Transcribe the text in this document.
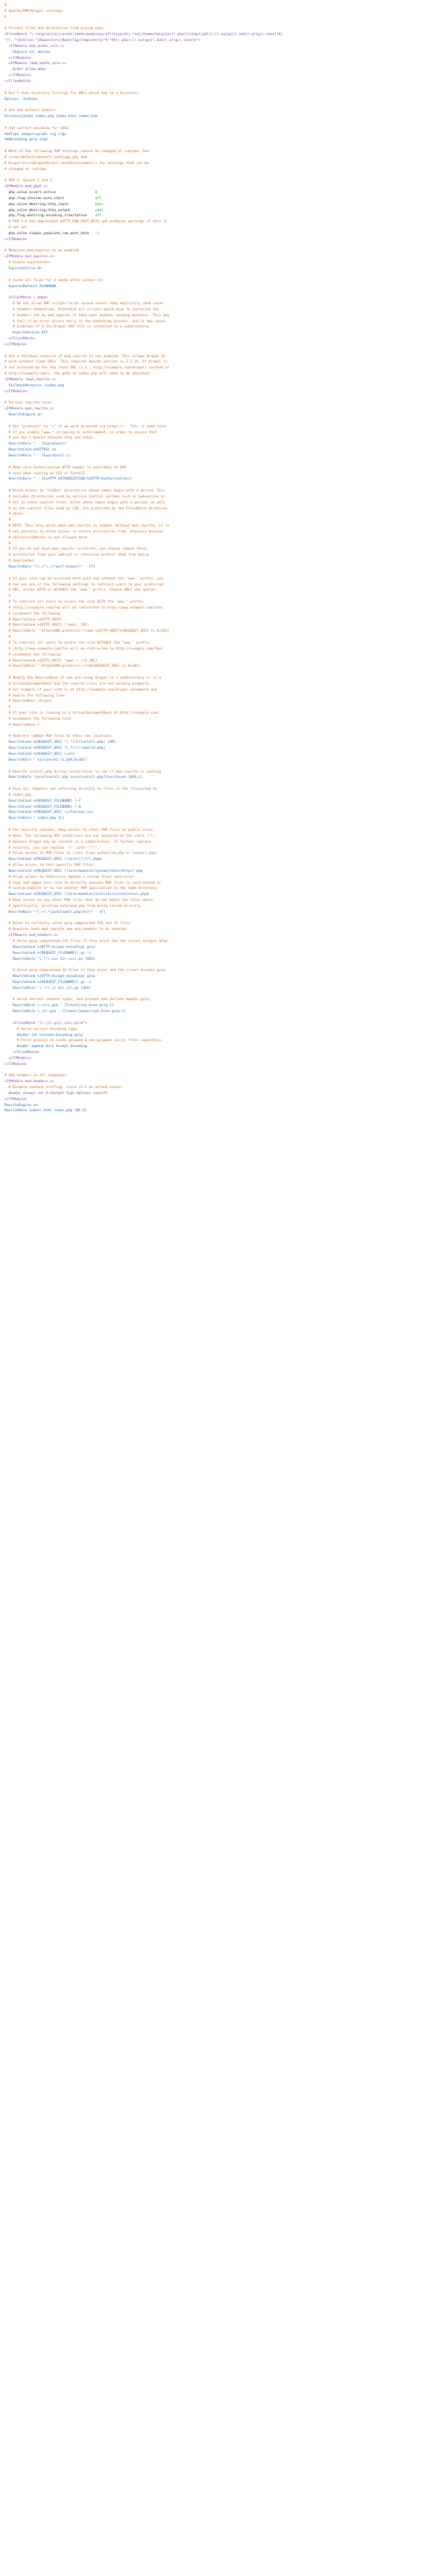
#
# Apache/PHP/Drupal settings:
#
# Protect files and directories from prying eyes.
<FilesMatch "\.(engine|inc|install|make|module|profile|po|sh|.*sql|theme|twig|tpl(\.php)?|xtmpl|yml)(~|\.sw[op]|\.bak|\.orig|\.save)?$|
^(\..*|Entries.*|Repository|Root|Tag|Template)$|^#.*#$|\.php(~|\.sw[op]|\.bak|\.orig|\.save)$">
<IfModule mod_authz_core.c>
Require all denied
</IfModule>
<IfModule !mod_authz_core.c>
Order allow,deny
</IfModule>
</FilesMatch>
# Don't show directory listings for URLs which map to a directory.
Options -Indexes
# Set the default handler.
DirectoryIndex index.php index.html index.htm
# Add correct encoding for SVGZ.
AddType image/svg+xml svg svgz
AddEncoding gzip svgz
# Most of the following PHP settings cannot be changed at runtime. See
# sites/default/default.settings.php and
# Drupal\Core\DrupalKernel::bootEnvironment() for settings that can be
# changed at runtime.
# PHP 5, Apache 1 and 2.
<IfModule mod_php5.c>
php_value assert.active                   0
php_flag session.auto_start               off
php_value mbstring.http_input             pass
php_value mbstring.http_output            pass
php_flag mbstring.encoding_translation    off
# PHP 5.6 has deprecated $HTTP_RAW_POST_DATA and produces warnings if this is
# not set.
php_value always_populate_raw_post_data   -1
</IfModule>
# Requires mod_expires to be enabled.
<IfModule mod_expires.c>
# Enable expirations.
ExpiresActive On
# Cache all files for 2 weeks after access (A).
ExpiresDefault A1209600
<FilesMatch \.php$>
# Do not allow PHP scripts to be cached unless they explicitly send cache
# headers themselves. Otherwise all scripts would have to overwrite the
# headers set by mod_expires if they want another caching behavior. This may
# fail if an error occurs early in the bootstrap process, and it may cause
# problems if a non-Drupal PHP file is installed in a subdirectory.
ExpiresActive Off
</FilesMatch>
</IfModule>
# Set a fallback resource if mod_rewrite is not enabled. This allows Drupal to
# work without clean URLs. This requires Apache version >= 2.2.16. If Drupal is
# not accessed by the top level URL (i.e.: http://example.com/drupal/ instead of
# http://example.com/), the path to index.php will need to be adjusted.
<IfModule !mod_rewrite.c>
FallbackResource /index.php
</IfModule>
# Various rewrite rules.
<IfModule mod_rewrite.c>
RewriteEngine on
# Set "protossl" to "s" if we were accessed via https://.  This is used later
# if you enable "www." stripping or enforcement, in order to ensure that
# you don't bounce between http and https.
RewriteRule ^ - [E=protossl]
RewriteCond %{HTTPS} on
RewriteRule ^ - [E=protossl:s]
# Make sure Authorization HTTP header is available to PHP
# even when running as CGI or FastCGI.
RewriteRule ^ - [E=HTTP_AUTHORIZATION:%{HTTP:Authorization}]
# Block access to "hidden" directories whose names begin with a period. This
# includes directories used by version control systems such as Subversion or
# Git to store control files. Files whose names begin with a period, as well
# as the control files used by CVS, are protected by the FilesMatch directive
# above.
#
# NOTE: This only works when mod_rewrite is loaded. Without mod_rewrite, it is
# not possible to block access to entire directories from .htaccess because
# <DirectoryMatch> is not allowed here.
#
# If you do not have mod_rewrite installed, you should remove these
# directories from your webroot or otherwise protect them from being
# downloaded.
RewriteRule "/\.|^\.(?!well-known/)" - [F]
# If your site can be accessed both with and without the 'www.' prefix, you
# can use one of the following settings to redirect users to your preferred
# URL, either WITH or WITHOUT the 'www.' prefix. Choose ONLY one option:
#
# To redirect all users to access the site WITH the 'www.' prefix,
# (http://example.com/foo will be redirected to http://www.example.com/foo)
# uncomment the following:
# RewriteCond %{HTTP_HOST} .
# RewriteCond %{HTTP_HOST} !^www\. [NC]
# RewriteRule ^ http%{ENV:protossl}://www.%{HTTP_HOST}%{REQUEST_URI} [L,R=301]
#
# To redirect all users to access the site WITHOUT the 'www.' prefix,
# (http://www.example.com/foo will be redirected to http://example.com/foo)
# uncomment the following:
# RewriteCond %{HTTP_HOST} ^www\.(.+)$ [NC]
# RewriteRule ^ http%{ENV:protossl}://%1%{REQUEST_URI} [L,R=301]
# Modify the RewriteBase if you are using Drupal in a subdirectory or in a
# VirtualDocumentRoot and the rewrite rules are not working properly.
# For example if your site is at http://example.com/drupal uncomment and
# modify the following line:
# RewriteBase /drupal
#
# If your site is running in a VirtualDocumentRoot at http://example.com/,
# uncomment the following line:
# RewriteBase /
# Redirect common PHP files to their new locations.
RewriteCond %{REQUEST_URI} ^(.*)?/(install.php) [OR]
RewriteCond %{REQUEST_URI} ^(.*)?/(rebuild.php)
RewriteCond %{REQUEST_URI} !core
RewriteRule ^ %1/core/%2 [L,QSA,R=301]
# Rewrite install.php during installation to see if mod_rewrite is working
RewriteRule ^core/install.php core/install.php?rewrite=ok [QSA,L]
# Pass all requests not referring directly to files in the filesystem to
# index.php.
RewriteCond %{REQUEST_FILENAME} !-f
RewriteCond %{REQUEST_FILENAME} !-d
RewriteCond %{REQUEST_URI} !=/favicon.ico
RewriteRule ^ index.php [L]
# For security reasons, deny access to other PHP files on public sites.
# Note: The following URI conditions are not anchored at the start (^),
# because Drupal may be located in a subdirectory. To further improve
# security, you can replace '!/' with '!^/'.
# Allow access to PHP files in /core (like authorize.php or install.php):
RewriteCond %{REQUEST_URI} !/core/[^/]*\.php$
# Allow access to test-specific PHP files:
RewriteCond %{REQUEST_URI} !/core/modules/system/tests/https?.php
# Allow access to Statistics module's custom front controller.
# Copy and adapt this rule to directly execute PHP files in contributed or
# custom modules or to run another PHP application in the same directory.
RewriteCond %{REQUEST_URI} !/core/modules/statistics/statistics.php$
# Deny access to any other PHP files that do not match the rules above.
# Specifically, disallow autoload.php from being served directly.
RewriteRule "^(.+/.*|autoload)\.php($|/)" - [F]
# Rules to correctly serve gzip compressed CSS and JS files.
# Requires both mod_rewrite and mod_headers to be enabled.
<IfModule mod_headers.c>
# Serve gzip compressed CSS files if they exist and the client accepts gzip.
RewriteCond %{HTTP:Accept-encoding} gzip
RewriteCond %{REQUEST_FILENAME}\.gz -s
RewriteRule ^(.*)\.css $1\.css\.gz [QSA]
# Serve gzip compressed JS files if they exist and the client accepts gzip.
RewriteCond %{HTTP:Accept-encoding} gzip
RewriteCond %{REQUEST_FILENAME}\.gz -s
RewriteRule ^(.*)\.js $1\.js\.gz [QSA]
# Serve correct content types, and prevent mod_deflate double gzip.
RewriteRule \.css\.gz$ - [T=text/css,E=no-gzip:1]
RewriteRule \.js\.gz$ - [T=text/javascript,E=no-gzip:1]
<FilesMatch "(\.js\.gz|\.css\.gz)$">
# Serve correct encoding type.
Header set Content-Encoding gzip
# Force proxies to cache gzipped & non-gzipped css/js files separately.
Header append Vary Accept-Encoding
</FilesMatch>
</IfModule>
</IfModule>
# Add headers to all responses.
<IfModule mod_headers.c>
# Disable content sniffing, since it's an attack vector.
Header always set X-Content-Type-Options nosniff
</IfModule>
RewriteEngine on
RewriteRule index\.html index.php [NC,R]
